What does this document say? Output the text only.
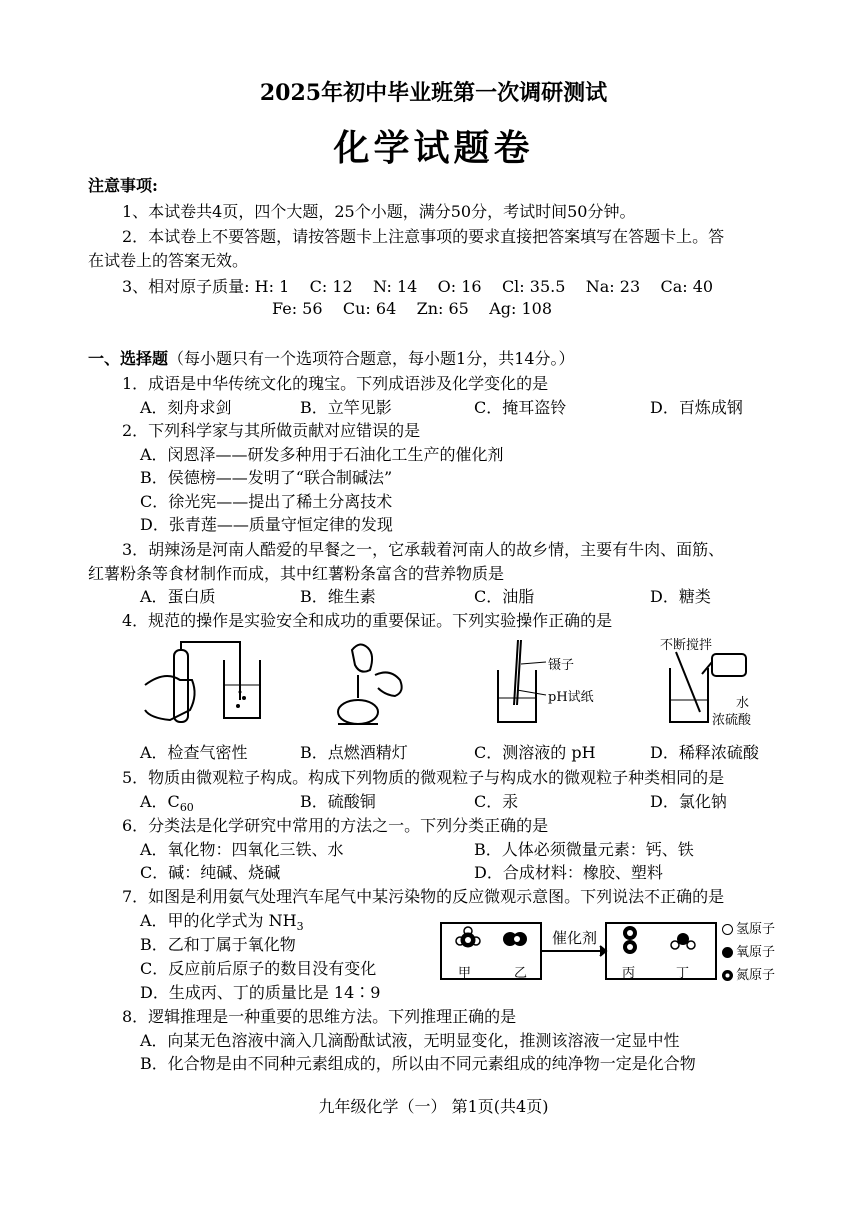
2025年初中毕业班第一次调研测试
化学试题卷
注意事项:
1、本试卷共4页，四个大题，25个小题，满分50分，考试时间50分钟。
2．本试卷上不要答题，请按答题卡上注意事项的要求直接把答案填写在答题卡上。答
在试卷上的答案无效。
3、相对原子质量: H: 1    C: 12    N: 14    O: 16    Cl: 35.5    Na: 23    Ca: 40
Fe: 56    Cu: 64    Zn: 65    Ag: 108
一、选择题（每小题只有一个选项符合题意，每小题1分，共14分。）
1．成语是中华传统文化的瑰宝。下列成语涉及化学变化的是
A．刻舟求剑	B．立竿见影	C．掩耳盗铃	D．百炼成钢
2．下列科学家与其所做贡献对应错误的是
A．闵恩泽——研发多种用于石油化工生产的催化剂
B．侯德榜——发明了“联合制碱法”
C．徐光宪——提出了稀土分离技术
D．张青莲——质量守恒定律的发现
3．胡辣汤是河南人酷爱的早餐之一，它承载着河南人的故乡情，主要有牛肉、面筋、
红薯粉条等食材制作而成，其中红薯粉条富含的营养物质是
A．蛋白质	B．维生素	C．油脂	D．糖类
4．规范的操作是实验安全和成功的重要保证。下列实验操作正确的是
镊子
pH试纸
不断搅拌
水
浓硫酸
A．检查气密性	B．点燃酒精灯	C．测溶液的 pH	D．稀释浓硫酸
5．物质由微观粒子构成。构成下列物质的微观粒子与构成水的微观粒子种类相同的是
A．$C_{60}$	B．硫酸铜	C．汞	D．氯化钠
6．分类法是化学研究中常用的方法之一。下列分类正确的是
A．氧化物：四氧化三铁、水	B．人体必须微量元素：钙、铁
C．碱：纯碱、烧碱	D．合成材料：橡胶、塑料
7．如图是利用氨气处理汽车尾气中某污染物的反应微观示意图。下列说法不正确的是
A．甲的化学式为 $NH_3$
B．乙和丁属于氧化物
C．反应前后原子的数目没有变化
D．生成丙、丁的质量比是 14∶9
催化剂
甲	乙	丙	丁
氢原子
氧原子
氮原子
8．逻辑推理是一种重要的思维方法。下列推理正确的是
A．向某无色溶液中滴入几滴酚酞试液，无明显变化，推测该溶液一定显中性
B．化合物是由不同种元素组成的，所以由不同元素组成的纯净物一定是化合物
九年级化学（一） 第1页(共4页)
